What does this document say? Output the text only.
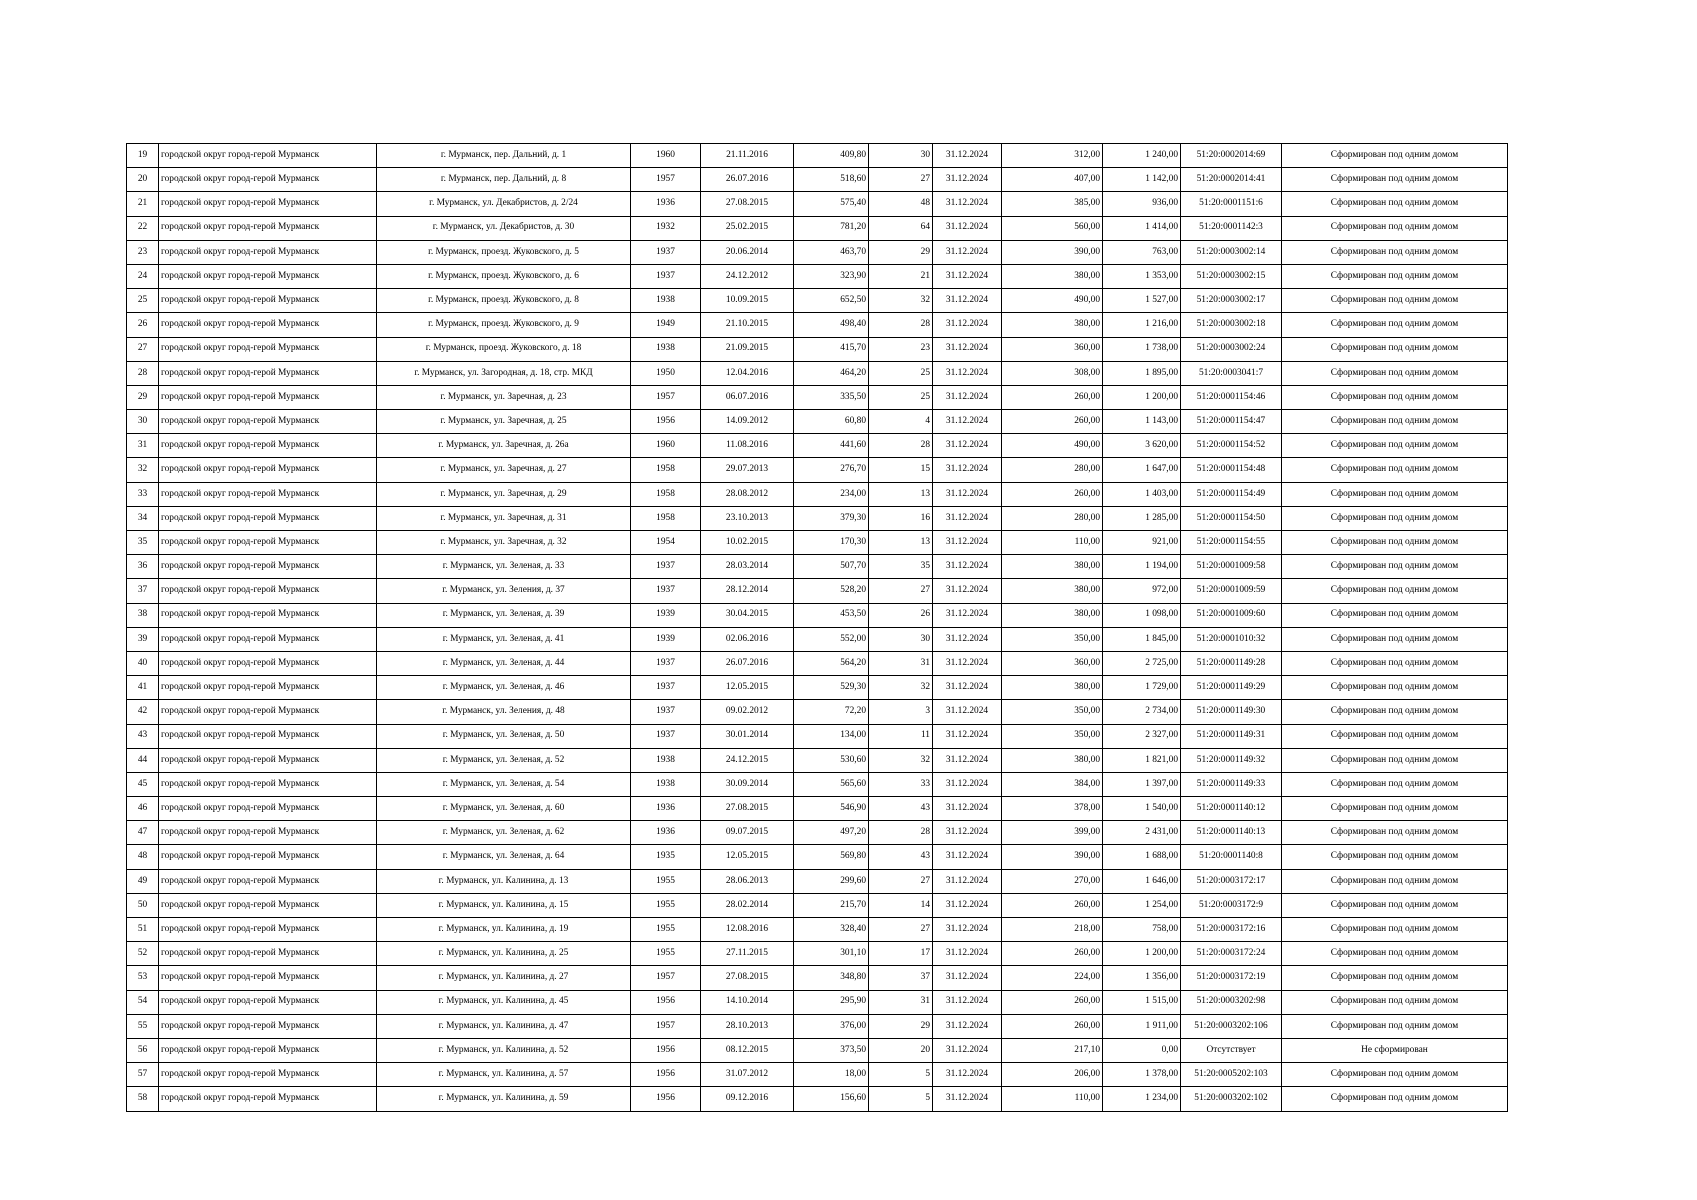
19	городской округ город-герой Мурманск	г. Мурманск, пер. Дальний, д. 1	1960	21.11.2016	409,80	30	31.12.2024	312,00	1 240,00	51:20:0002014:69	Сформирован под одним домом
20	городской округ город-герой Мурманск	г. Мурманск, пер. Дальний, д. 8	1957	26.07.2016	518,60	27	31.12.2024	407,00	1 142,00	51:20:0002014:41	Сформирован под одним домом
21	городской округ город-герой Мурманск	г. Мурманск, ул. Декабристов, д. 2/24	1936	27.08.2015	575,40	48	31.12.2024	385,00	936,00	51:20:0001151:6	Сформирован под одним домом
22	городской округ город-герой Мурманск	г. Мурманск, ул. Декабристов, д. 30	1932	25.02.2015	781,20	64	31.12.2024	560,00	1 414,00	51:20:0001142:3	Сформирован под одним домом
23	городской округ город-герой Мурманск	г. Мурманск, проезд. Жуковского, д. 5	1937	20.06.2014	463,70	29	31.12.2024	390,00	763,00	51:20:0003002:14	Сформирован под одним домом
24	городской округ город-герой Мурманск	г. Мурманск, проезд. Жуковского, д. 6	1937	24.12.2012	323,90	21	31.12.2024	380,00	1 353,00	51:20:0003002:15	Сформирован под одним домом
25	городской округ город-герой Мурманск	г. Мурманск, проезд. Жуковского, д. 8	1938	10.09.2015	652,50	32	31.12.2024	490,00	1 527,00	51:20:0003002:17	Сформирован под одним домом
26	городской округ город-герой Мурманск	г. Мурманск, проезд. Жуковского, д. 9	1949	21.10.2015	498,40	28	31.12.2024	380,00	1 216,00	51:20:0003002:18	Сформирован под одним домом
27	городской округ город-герой Мурманск	г. Мурманск, проезд. Жуковского, д. 18	1938	21.09.2015	415,70	23	31.12.2024	360,00	1 738,00	51:20:0003002:24	Сформирован под одним домом
28	городской округ город-герой Мурманск	г. Мурманск, ул. Загородная, д. 18, стр. МКД	1950	12.04.2016	464,20	25	31.12.2024	308,00	1 895,00	51:20:0003041:7	Сформирован под одним домом
29	городской округ город-герой Мурманск	г. Мурманск, ул. Заречная, д. 23	1957	06.07.2016	335,50	25	31.12.2024	260,00	1 200,00	51:20:0001154:46	Сформирован под одним домом
30	городской округ город-герой Мурманск	г. Мурманск, ул. Заречная, д. 25	1956	14.09.2012	60,80	4	31.12.2024	260,00	1 143,00	51:20:0001154:47	Сформирован под одним домом
31	городской округ город-герой Мурманск	г. Мурманск, ул. Заречная, д. 26а	1960	11.08.2016	441,60	28	31.12.2024	490,00	3 620,00	51:20:0001154:52	Сформирован под одним домом
32	городской округ город-герой Мурманск	г. Мурманск, ул. Заречная, д. 27	1958	29.07.2013	276,70	15	31.12.2024	280,00	1 647,00	51:20:0001154:48	Сформирован под одним домом
33	городской округ город-герой Мурманск	г. Мурманск, ул. Заречная, д. 29	1958	28.08.2012	234,00	13	31.12.2024	260,00	1 403,00	51:20:0001154:49	Сформирован под одним домом
34	городской округ город-герой Мурманск	г. Мурманск, ул. Заречная, д. 31	1958	23.10.2013	379,30	16	31.12.2024	280,00	1 285,00	51:20:0001154:50	Сформирован под одним домом
35	городской округ город-герой Мурманск	г. Мурманск, ул. Заречная, д. 32	1954	10.02.2015	170,30	13	31.12.2024	110,00	921,00	51:20:0001154:55	Сформирован под одним домом
36	городской округ город-герой Мурманск	г. Мурманск, ул. Зеленая, д. 33	1937	28.03.2014	507,70	35	31.12.2024	380,00	1 194,00	51:20:0001009:58	Сформирован под одним домом
37	городской округ город-герой Мурманск	г. Мурманск, ул. Зеления, д. 37	1937	28.12.2014	528,20	27	31.12.2024	380,00	972,00	51:20:0001009:59	Сформирован под одним домом
38	городской округ город-герой Мурманск	г. Мурманск, ул. Зеленая, д. 39	1939	30.04.2015	453,50	26	31.12.2024	380,00	1 098,00	51:20:0001009:60	Сформирован под одним домом
39	городской округ город-герой Мурманск	г. Мурманск, ул. Зеленая, д. 41	1939	02.06.2016	552,00	30	31.12.2024	350,00	1 845,00	51:20:0001010:32	Сформирован под одним домом
40	городской округ город-герой Мурманск	г. Мурманск, ул. Зеленая, д. 44	1937	26.07.2016	564,20	31	31.12.2024	360,00	2 725,00	51:20:0001149:28	Сформирован под одним домом
41	городской округ город-герой Мурманск	г. Мурманск, ул. Зеленая, д. 46	1937	12.05.2015	529,30	32	31.12.2024	380,00	1 729,00	51:20:0001149:29	Сформирован под одним домом
42	городской округ город-герой Мурманск	г. Мурманск, ул. Зеления, д. 48	1937	09.02.2012	72,20	3	31.12.2024	350,00	2 734,00	51:20:0001149:30	Сформирован под одним домом
43	городской округ город-герой Мурманск	г. Мурманск, ул. Зеленая, д. 50	1937	30.01.2014	134,00	11	31.12.2024	350,00	2 327,00	51:20:0001149:31	Сформирован под одним домом
44	городской округ город-герой Мурманск	г. Мурманск, ул. Зеленая, д. 52	1938	24.12.2015	530,60	32	31.12.2024	380,00	1 821,00	51:20:0001149:32	Сформирован под одним домом
45	городской округ город-герой Мурманск	г. Мурманск, ул. Зеленая, д. 54	1938	30.09.2014	565,60	33	31.12.2024	384,00	1 397,00	51:20:0001149:33	Сформирован под одним домом
46	городской округ город-герой Мурманск	г. Мурманск, ул. Зеленая, д. 60	1936	27.08.2015	546,90	43	31.12.2024	378,00	1 540,00	51:20:0001140:12	Сформирован под одним домом
47	городской округ город-герой Мурманск	г. Мурманск, ул. Зеленая, д. 62	1936	09.07.2015	497,20	28	31.12.2024	399,00	2 431,00	51:20:0001140:13	Сформирован под одним домом
48	городской округ город-герой Мурманск	г. Мурманск, ул. Зеленая, д. 64	1935	12.05.2015	569,80	43	31.12.2024	390,00	1 688,00	51:20:0001140:8	Сформирован под одним домом
49	городской округ город-герой Мурманск	г. Мурманск, ул. Калинина, д. 13	1955	28.06.2013	299,60	27	31.12.2024	270,00	1 646,00	51:20:0003172:17	Сформирован под одним домом
50	городской округ город-герой Мурманск	г. Мурманск, ул. Калинина, д. 15	1955	28.02.2014	215,70	14	31.12.2024	260,00	1 254,00	51:20:0003172:9	Сформирован под одним домом
51	городской округ город-герой Мурманск	г. Мурманск, ул. Калинина, д. 19	1955	12.08.2016	328,40	27	31.12.2024	218,00	758,00	51:20:0003172:16	Сформирован под одним домом
52	городской округ город-герой Мурманск	г. Мурманск, ул. Калинина, д. 25	1955	27.11.2015	301,10	17	31.12.2024	260,00	1 200,00	51:20:0003172:24	Сформирован под одним домом
53	городской округ город-герой Мурманск	г. Мурманск, ул. Калинина, д. 27	1957	27.08.2015	348,80	37	31.12.2024	224,00	1 356,00	51:20:0003172:19	Сформирован под одним домом
54	городской округ город-герой Мурманск	г. Мурманск, ул. Калинина, д. 45	1956	14.10.2014	295,90	31	31.12.2024	260,00	1 515,00	51:20:0003202:98	Сформирован под одним домом
55	городской округ город-герой Мурманск	г. Мурманск, ул. Калинина, д. 47	1957	28.10.2013	376,00	29	31.12.2024	260,00	1 911,00	51:20:0003202:106	Сформирован под одним домом
56	городской округ город-герой Мурманск	г. Мурманск, ул. Калинина, д. 52	1956	08.12.2015	373,50	20	31.12.2024	217,10	0,00	Отсутствует	Не сформирован
57	городской округ город-герой Мурманск	г. Мурманск, ул. Калинина, д. 57	1956	31.07.2012	18,00	5	31.12.2024	206,00	1 378,00	51:20:0005202:103	Сформирован под одним домом
58	городской округ город-герой Мурманск	г. Мурманск, ул. Калинина, д. 59	1956	09.12.2016	156,60	5	31.12.2024	110,00	1 234,00	51:20:0003202:102	Сформирован под одним домом
